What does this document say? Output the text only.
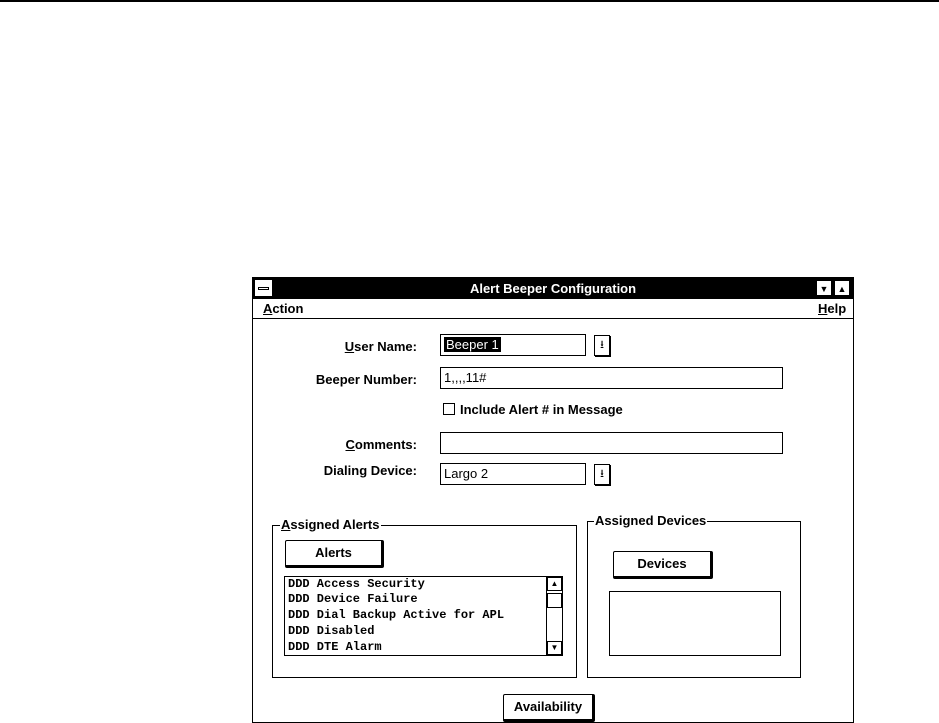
Alert Beeper Configuration	▼	▲
Action	Help
User Name:	Beeper 1	⭳
Beeper Number:	1,,,,11#
Include Alert # in Message
Comments:
Dialing Device:	Largo 2	⭳
Assigned Alerts
Alerts
DDD Access Security
DDD Device Failure
DDD Dial Backup Active for APL
DDD Disabled
DDD DTE Alarm
▲
▼
Assigned Devices
Devices
Availability
